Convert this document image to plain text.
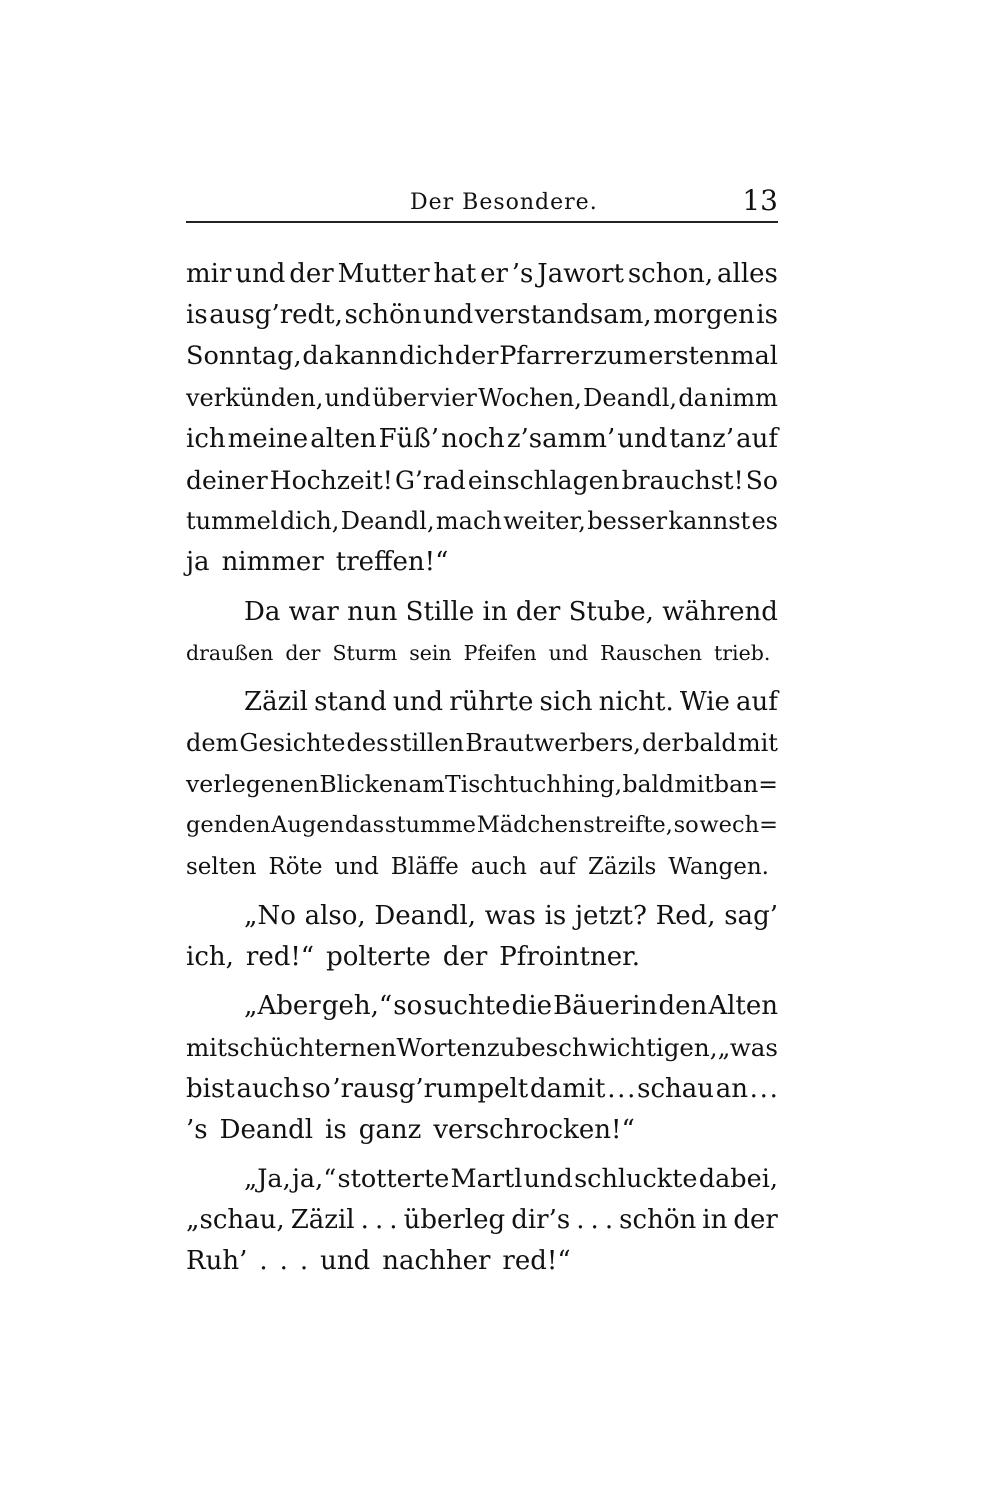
Der Besondere.	13
mir und der Mutter hat er ’s Jawort schon, alles
is ausg’redt, schön und verstandsam, morgen is
Sonntag, da kann dich der Pfarrer zum erstenmal
verkünden, und über vier Wochen, Deandl, da nimm
ich meine alten Füß’ noch z’samm’ und tanz’ auf
deiner Hochzeit! G’rad einschlagen brauchst! So
tummel dich, Deandl, mach weiter, besser kannst es
ja nimmer treffen!“
Da war nun Stille in der Stube, während
draußen der Sturm sein Pfeifen und Rauschen trieb.
Zäzil stand und rührte sich nicht. Wie auf
dem Gesichte des stillen Brautwerbers, der bald mit
verlegenen Blicken am Tischtuch hing, bald mit ban=
genden Augen das stumme Mädchen streifte, so wech=
selten Röte und Bläffe auch auf Zäzils Wangen.
„No also, Deandl, was is jetzt? Red, sag’
ich, red!“ polterte der Pfrointner.
„Aber geh,“ so suchte die Bäuerin den Alten
mit schüchternen Worten zu beschwichtigen, „was
bist auch so ’rausg’rumpelt damit . . . schau an . . .
’s Deandl is ganz verschrocken!“
„Ja, ja,“ stotterte Martl und schluckte dabei,
„schau, Zäzil . . . überleg dir’s . . . schön in der
Ruh’ . . . und nachher red!“
